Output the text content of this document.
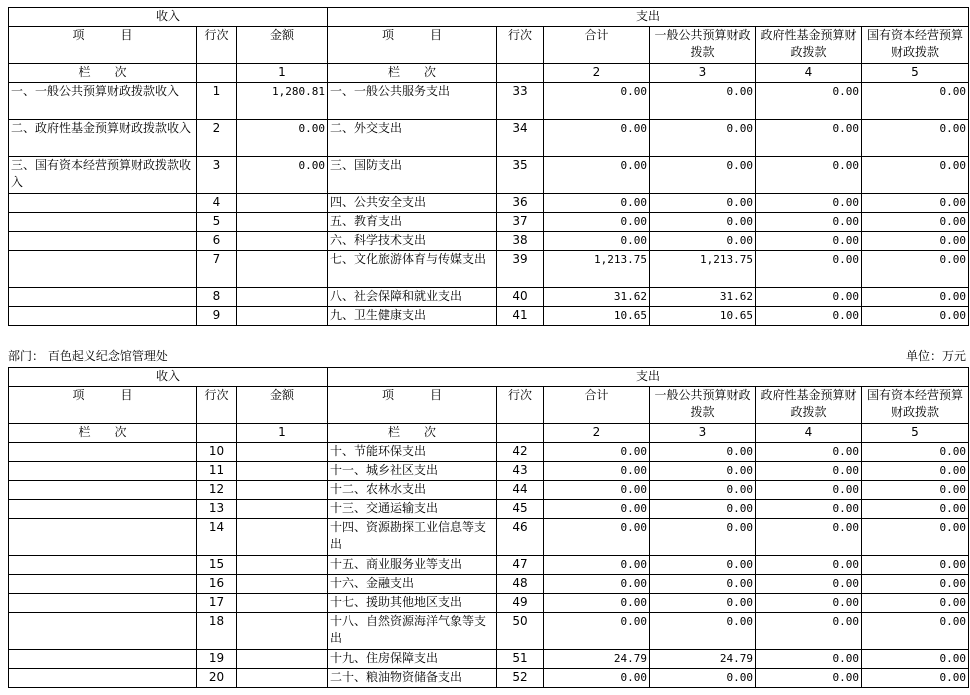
收入			支出					
项　　　目	行次	金额	项　　　目	行次	合计	一般公共预算财政拨款	政府性基金预算财政拨款	国有资本经营预算财政拨款
栏　　次		1	栏　　次		2	3	4	5
一、一般公共预算财政拨款收入	1	1,280.81	一、一般公共服务支出	33	0.00	0.00	0.00	0.00
二、政府性基金预算财政拨款收入	2	0.00	二、外交支出	34	0.00	0.00	0.00	0.00
三、国有资本经营预算财政拨款收入	3	0.00	三、国防支出	35	0.00	0.00	0.00	0.00
	4		四、公共安全支出	36	0.00	0.00	0.00	0.00
	5		五、教育支出	37	0.00	0.00	0.00	0.00
	6		六、科学技术支出	38	0.00	0.00	0.00	0.00
	7		七、文化旅游体育与传媒支出	39	1,213.75	1,213.75	0.00	0.00
	8		八、社会保障和就业支出	40	31.62	31.62	0.00	0.00
	9		九、卫生健康支出	41	10.65	10.65	0.00	0.00
部门： 百色起义纪念馆管理处	单位：万元
收入			支出					
项　　　目	行次	金额	项　　　目	行次	合计	一般公共预算财政拨款	政府性基金预算财政拨款	国有资本经营预算财政拨款
栏　　次		1	栏　　次		2	3	4	5
	10		十、节能环保支出	42	0.00	0.00	0.00	0.00
	11		十一、城乡社区支出	43	0.00	0.00	0.00	0.00
	12		十二、农林水支出	44	0.00	0.00	0.00	0.00
	13		十三、交通运输支出	45	0.00	0.00	0.00	0.00
	14		十四、资源勘探工业信息等支出	46	0.00	0.00	0.00	0.00
	15		十五、商业服务业等支出	47	0.00	0.00	0.00	0.00
	16		十六、金融支出	48	0.00	0.00	0.00	0.00
	17		十七、援助其他地区支出	49	0.00	0.00	0.00	0.00
	18		十八、自然资源海洋气象等支出	50	0.00	0.00	0.00	0.00
	19		十九、住房保障支出	51	24.79	24.79	0.00	0.00
	20		二十、粮油物资储备支出	52	0.00	0.00	0.00	0.00
